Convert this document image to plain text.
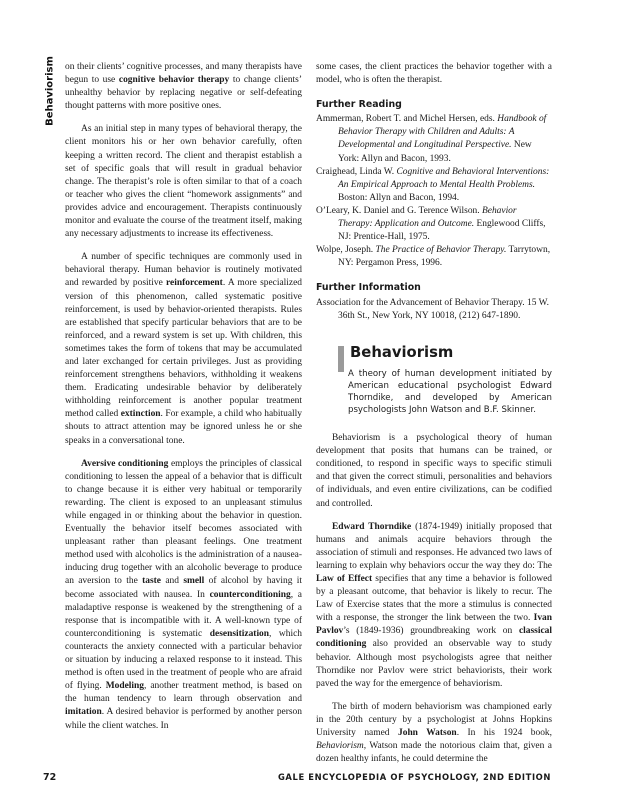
Behaviorism on their clients’ cognitive processes, and many therapists have begun to use cognitive behavior therapy to change clients’ unhealthy behavior by replacing negative or self-defeating thought patterns with more positive ones.

As an initial step in many types of behavioral therapy, the client monitors his or her own behavior carefully, often keeping a written record. The client and therapist establish a set of specific goals that will result in gradual behavior change. The therapist’s role is often similar to that of a coach or teacher who gives the client “homework assignments” and provides advice and encouragement. Therapists continuously monitor and evaluate the course of the treatment itself, making any necessary adjustments to increase its effectiveness.

A number of specific techniques are commonly used in behavioral therapy. Human behavior is routinely motivated and rewarded by positive reinforcement. A more specialized version of this phenomenon, called systematic positive reinforcement, is used by behavior-oriented therapists. Rules are established that specify particular behaviors that are to be reinforced, and a reward system is set up. With children, this sometimes takes the form of tokens that may be accumulated and later exchanged for certain privileges. Just as providing reinforcement strengthens behaviors, withholding it weakens them. Eradicating undesirable behavior by deliberately withholding reinforcement is another popular treatment method called extinction. For example, a child who habitually shouts to attract attention may be ignored unless he or she speaks in a conversational tone.

Aversive conditioning employs the principles of classical conditioning to lessen the appeal of a behavior that is difficult to change because it is either very habitual or temporarily rewarding. The client is exposed to an unpleasant stimulus while engaged in or thinking about the behavior in question. Eventually the behavior itself becomes associated with unpleasant rather than pleasant feelings. One treatment method used with alcoholics is the administration of a nausea-inducing drug together with an alcoholic beverage to produce an aversion to the taste and smell of alcohol by having it become associated with nausea. In counterconditioning, a maladaptive response is weakened by the strengthening of a response that is incompatible with it. A well-known type of counterconditioning is systematic desensitization, which counteracts the anxiety connected with a particular behavior or situation by inducing a relaxed response to it instead. This method is often used in the treatment of people who are afraid of flying. Modeling, another treatment method, is based on the human tendency to learn through observation and imitation. A desired behavior is performed by another person while the client watches. In

some cases, the client practices the behavior together with a model, who is often the therapist.

Further Reading

Ammerman, Robert T. and Michel Hersen, eds. Handbook of Behavior Therapy with Children and Adults: A Developmental and Longitudinal Perspective. New York: Allyn and Bacon, 1993.

Craighead, Linda W. Cognitive and Behavioral Interventions: An Empirical Approach to Mental Health Problems. Boston: Allyn and Bacon, 1994.

O’Leary, K. Daniel and G. Terence Wilson. Behavior Therapy: Application and Outcome. Englewood Cliffs, NJ: Prentice-Hall, 1975.

Wolpe, Joseph. The Practice of Behavior Therapy. Tarrytown, NY: Pergamon Press, 1996.

Further Information

Association for the Advancement of Behavior Therapy. 15 W. 36th St., New York, NY 10018, (212) 647-1890.

Behaviorism
A theory of human development initiated by American educational psychologist Edward Thorndike, and developed by American psychologists John Watson and B.F. Skinner.

Behaviorism is a psychological theory of human development that posits that humans can be trained, or conditioned, to respond in specific ways to specific stimuli and that given the correct stimuli, personalities and behaviors of individuals, and even entire civilizations, can be codified and controlled.

Edward Thorndike (1874-1949) initially proposed that humans and animals acquire behaviors through the association of stimuli and responses. He advanced two laws of learning to explain why behaviors occur the way they do: The Law of Effect specifies that any time a behavior is followed by a pleasant outcome, that behavior is likely to recur. The Law of Exercise states that the more a stimulus is connected with a response, the stronger the link between the two. Ivan Pavlov’s (1849-1936) groundbreaking work on classical conditioning also provided an observable way to study behavior. Although most psychologists agree that neither Thorndike nor Pavlov were strict behaviorists, their work paved the way for the emergence of behaviorism.

The birth of modern behaviorism was championed early in the 20th century by a psychologist at Johns Hopkins University named John Watson. In his 1924 book, Behaviorism, Watson made the notorious claim that, given a dozen healthy infants, he could determine the

72	GALE ENCYCLOPEDIA OF PSYCHOLOGY, 2ND EDITION
